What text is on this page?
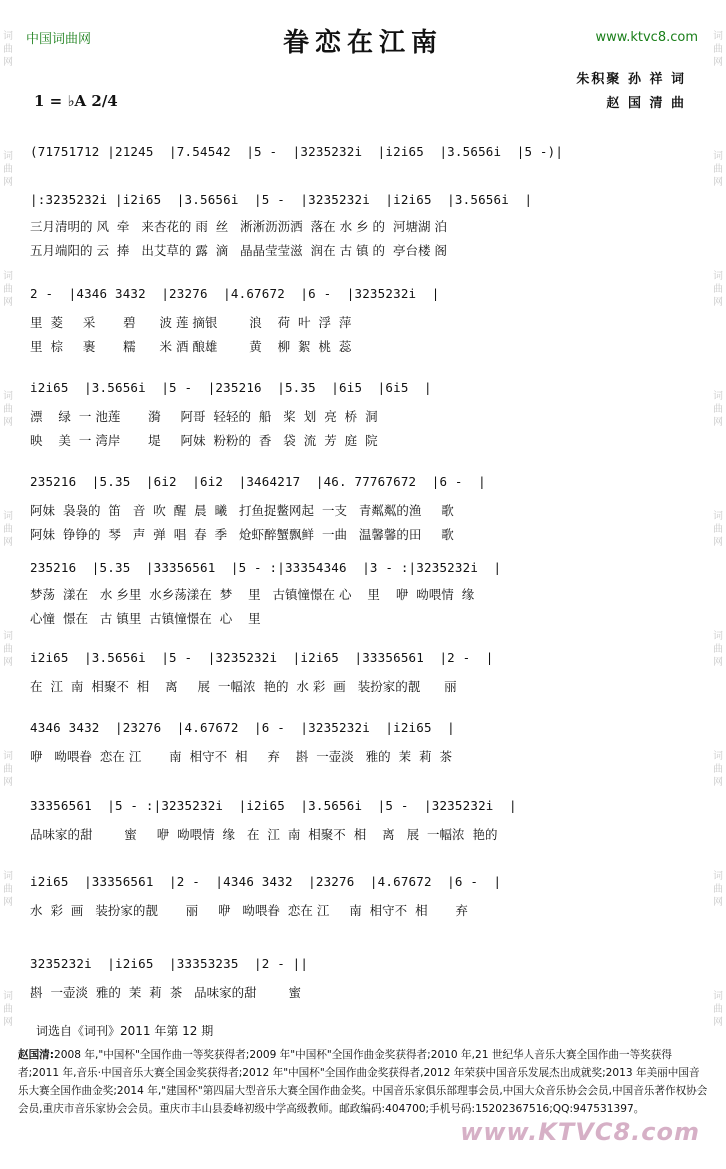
词
曲
网
词
曲
网
词
曲
网
词
曲
网
词
曲
网
词
曲
网
词
曲
网
词
曲
网
词
曲
网
词
曲
网
词
曲
网
词
曲
网
词
曲
网
词
曲
网
词
曲
网
词
曲
网
词
曲
网
词
曲
网
中国词曲网	www.ktvc8.com
眷恋在江南
朱积聚 孙 祥 词
赵 国 清 曲
1 = ♭A 2/4
(71751712 |21245  |7.54542  |5 -  |3235232i  |i2i65  |3.5656i  |5 -)|
|:3235232i |i2i65  |3.5656i  |5 -  |3235232i  |i2i65  |3.5656i  |
三月清明的 风  牵   来杏花的 雨  丝   淅淅沥沥洒  落在 水 乡 的  河塘湖 泊
五月端阳的 云  捧   出艾草的 露  滴   晶晶莹莹滋  润在 古 镇 的  亭台楼 阁
2 -  |4346 3432  |23276  |4.67672  |6 -  |3235232i  |
里  菱     采       碧      波 莲 摘银        浪    荷  叶  浮  萍
里  棕     裹       糯      米 酒 酿雄        黄    柳  絮  桃  蕊
i2i65  |3.5656i  |5 -  |235216  |5.35  |6i5  |6i5  |
漂    绿  一 池莲       漪     阿哥  轻轻的  船   桨  划  亮  桥  洞
映    美  一 湾岸       堤     阿妹  粉粉的  香   袋  流  芳  庭  院
235216  |5.35  |6i2  |6i2  |3464217  |46. 77767672  |6 -  |
阿妹  袅袅的  笛   音  吹  醒  晨  曦   打鱼捉鳖网起  一支   青粼粼的渔     歌
阿妹  铮铮的  琴   声  弹  唱  春  季   炝虾醉蟹飘鲜  一曲   温馨馨的田     歌
235216  |5.35  |33356561  |5 - :|33354346  |3 - :|3235232i  |
梦荡  漾在   水 乡里  水乡荡漾在  梦    里   古镇憧憬在 心    里    咿  呦喂情  缘
心憧  憬在   古 镇里  古镇憧憬在  心    里
i2i65  |3.5656i  |5 -  |3235232i  |i2i65  |33356561  |2 -  |
在  江  南  相聚不  相    离     展  一幅浓  艳的  水 彩  画   装扮家的靓      丽
4346 3432  |23276  |4.67672  |6 -  |3235232i  |i2i65  |
咿   呦喂眷  恋在 江       南  相守不  相     弃    斟  一壶淡   雅的  茉  莉  茶
33356561  |5 - :|3235232i  |i2i65  |3.5656i  |5 -  |3235232i  |
品味家的甜        蜜     咿  呦喂情  缘   在  江  南  相聚不  相    离   展  一幅浓  艳的
i2i65  |33356561  |2 -  |4346 3432  |23276  |4.67672  |6 -  |
水  彩  画   装扮家的靓       丽     咿   呦喂眷  恋在 江     南  相守不  相       弃
3235232i  |i2i65  |33353235  |2 - ||
斟  一壶淡  雅的  茉  莉  茶   品味家的甜        蜜
词选自《词刊》2011 年第 12 期
赵国清:2008 年,"中国杯"全国作曲一等奖获得者;2009 年"中国杯"全国作曲金奖获得者;2010 年,21 世纪华人音乐大赛全国作曲一等奖获得者;2011 年,音乐·中国音乐大赛全国金奖获得者;2012 年"中国杯"全国作曲金奖获得者,2012 年荣获中国音乐发展杰出成就奖;2013 年美丽中国音乐大赛全国作曲金奖;2014 年,"建国杯"第四届大型音乐大赛全国作曲金奖。中国音乐家俱乐部理事会员,中国大众音乐协会会员,中国音乐著作权协会会员,重庆市音乐家协会会员。重庆市丰山县委峰初级中学高级教师。邮政编码:404700;手机号码:15202367516;QQ:947531397。
www.KTVC8.com
